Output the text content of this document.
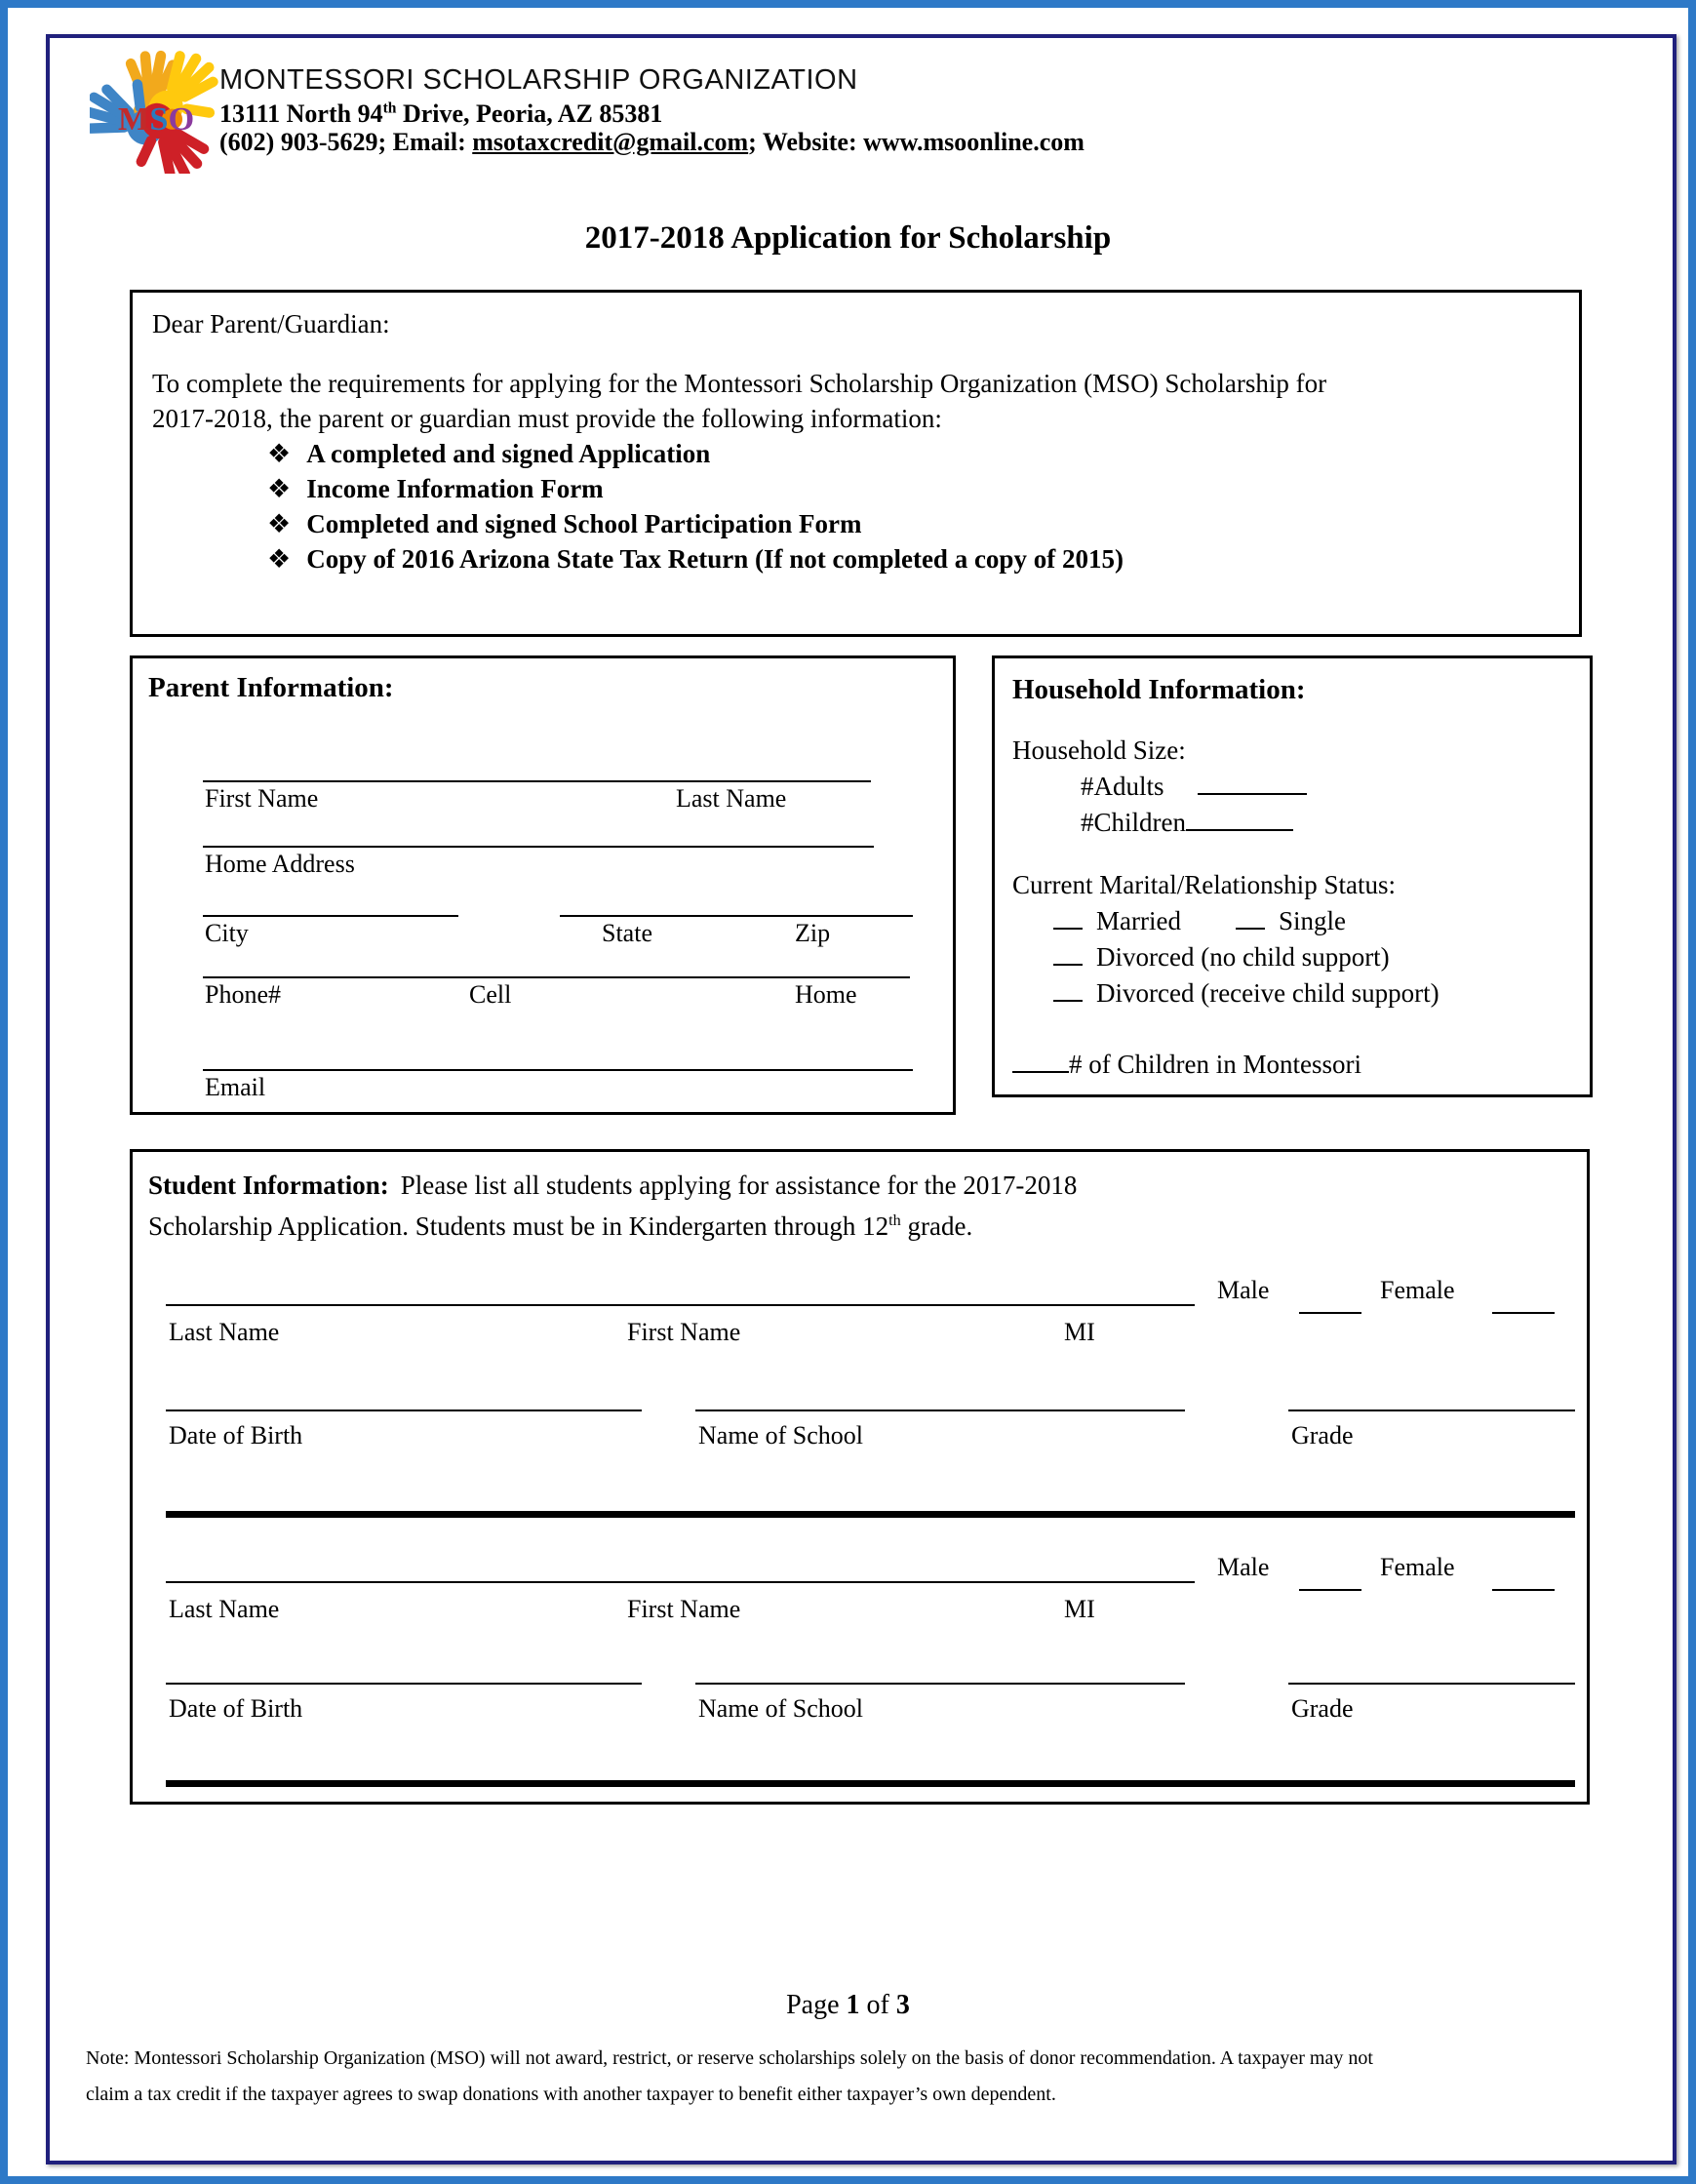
MSO
MONTESSORI SCHOLARSHIP ORGANIZATION
13111 North 94th Drive, Peoria, AZ 85381
(602) 903-5629; Email: msotaxcredit@gmail.com; Website: www.msoonline.com
2017-2018 Application for Scholarship
Dear Parent/Guardian:
To complete the requirements for applying for the Montessori Scholarship Organization (MSO) Scholarship for 2017-2018, the parent or guardian must provide the following information:
❖ A completed and signed Application
❖ Income Information Form
❖ Completed and signed School Participation Form
❖ Copy of 2016 Arizona State Tax Return (If not completed a copy of 2015)
Parent Information:
First Name	Last Name
Home Address
City	State	Zip
Phone#	Cell	Home
Email
Household Information:
Household Size:
#Adults
#Children
Current Marital/Relationship Status:
Married	Single
Divorced (no child support)
Divorced (receive child support)
# of Children in Montessori
Student Information: Please list all students applying for assistance for the 2017-2018 Scholarship Application. Students must be in Kindergarten through 12th grade.
Male	Female
Last Name	First Name	MI
Date of Birth	Name of School	Grade
Male	Female
Last Name	First Name	MI
Date of Birth	Name of School	Grade
Page 1 of 3
Note: Montessori Scholarship Organization (MSO) will not award, restrict, or reserve scholarships solely on the basis of donor recommendation. A taxpayer may not
claim a tax credit if the taxpayer agrees to swap donations with another taxpayer to benefit either taxpayer’s own dependent.
